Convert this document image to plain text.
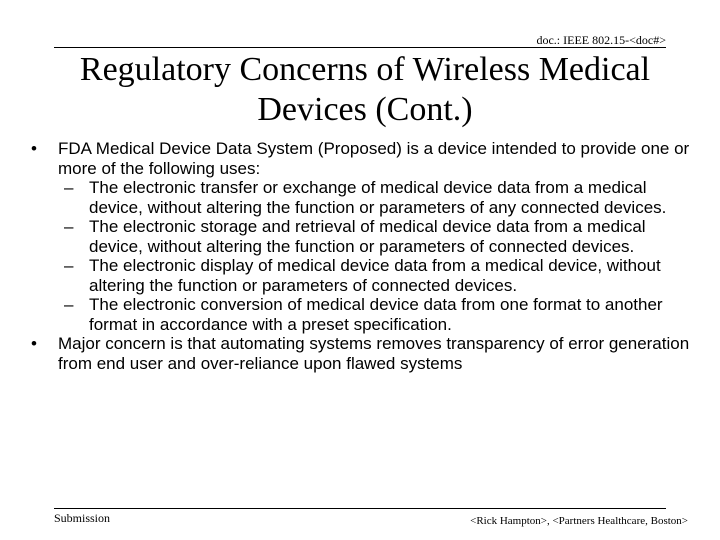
doc.: IEEE 802.15-<doc#>
Regulatory Concerns of Wireless Medical
Devices (Cont.)

• FDA Medical Device Data System (Proposed) is a device intended to provide one or more of the following uses:

– The electronic transfer or exchange of medical device data from a medical device, without altering the function or parameters of any connected devices.

– The electronic storage and retrieval of medical device data from a medical device, without altering the function or parameters of connected devices.

– The electronic display of medical device data from a medical device, without altering the function or parameters of connected devices.

– The electronic conversion of medical device data from one format to another format in accordance with a preset specification.

• Major concern is that automating systems removes transparency of error generation from end user and over-reliance upon flawed systems

Submission	<Rick Hampton>, <Partners Healthcare, Boston>
